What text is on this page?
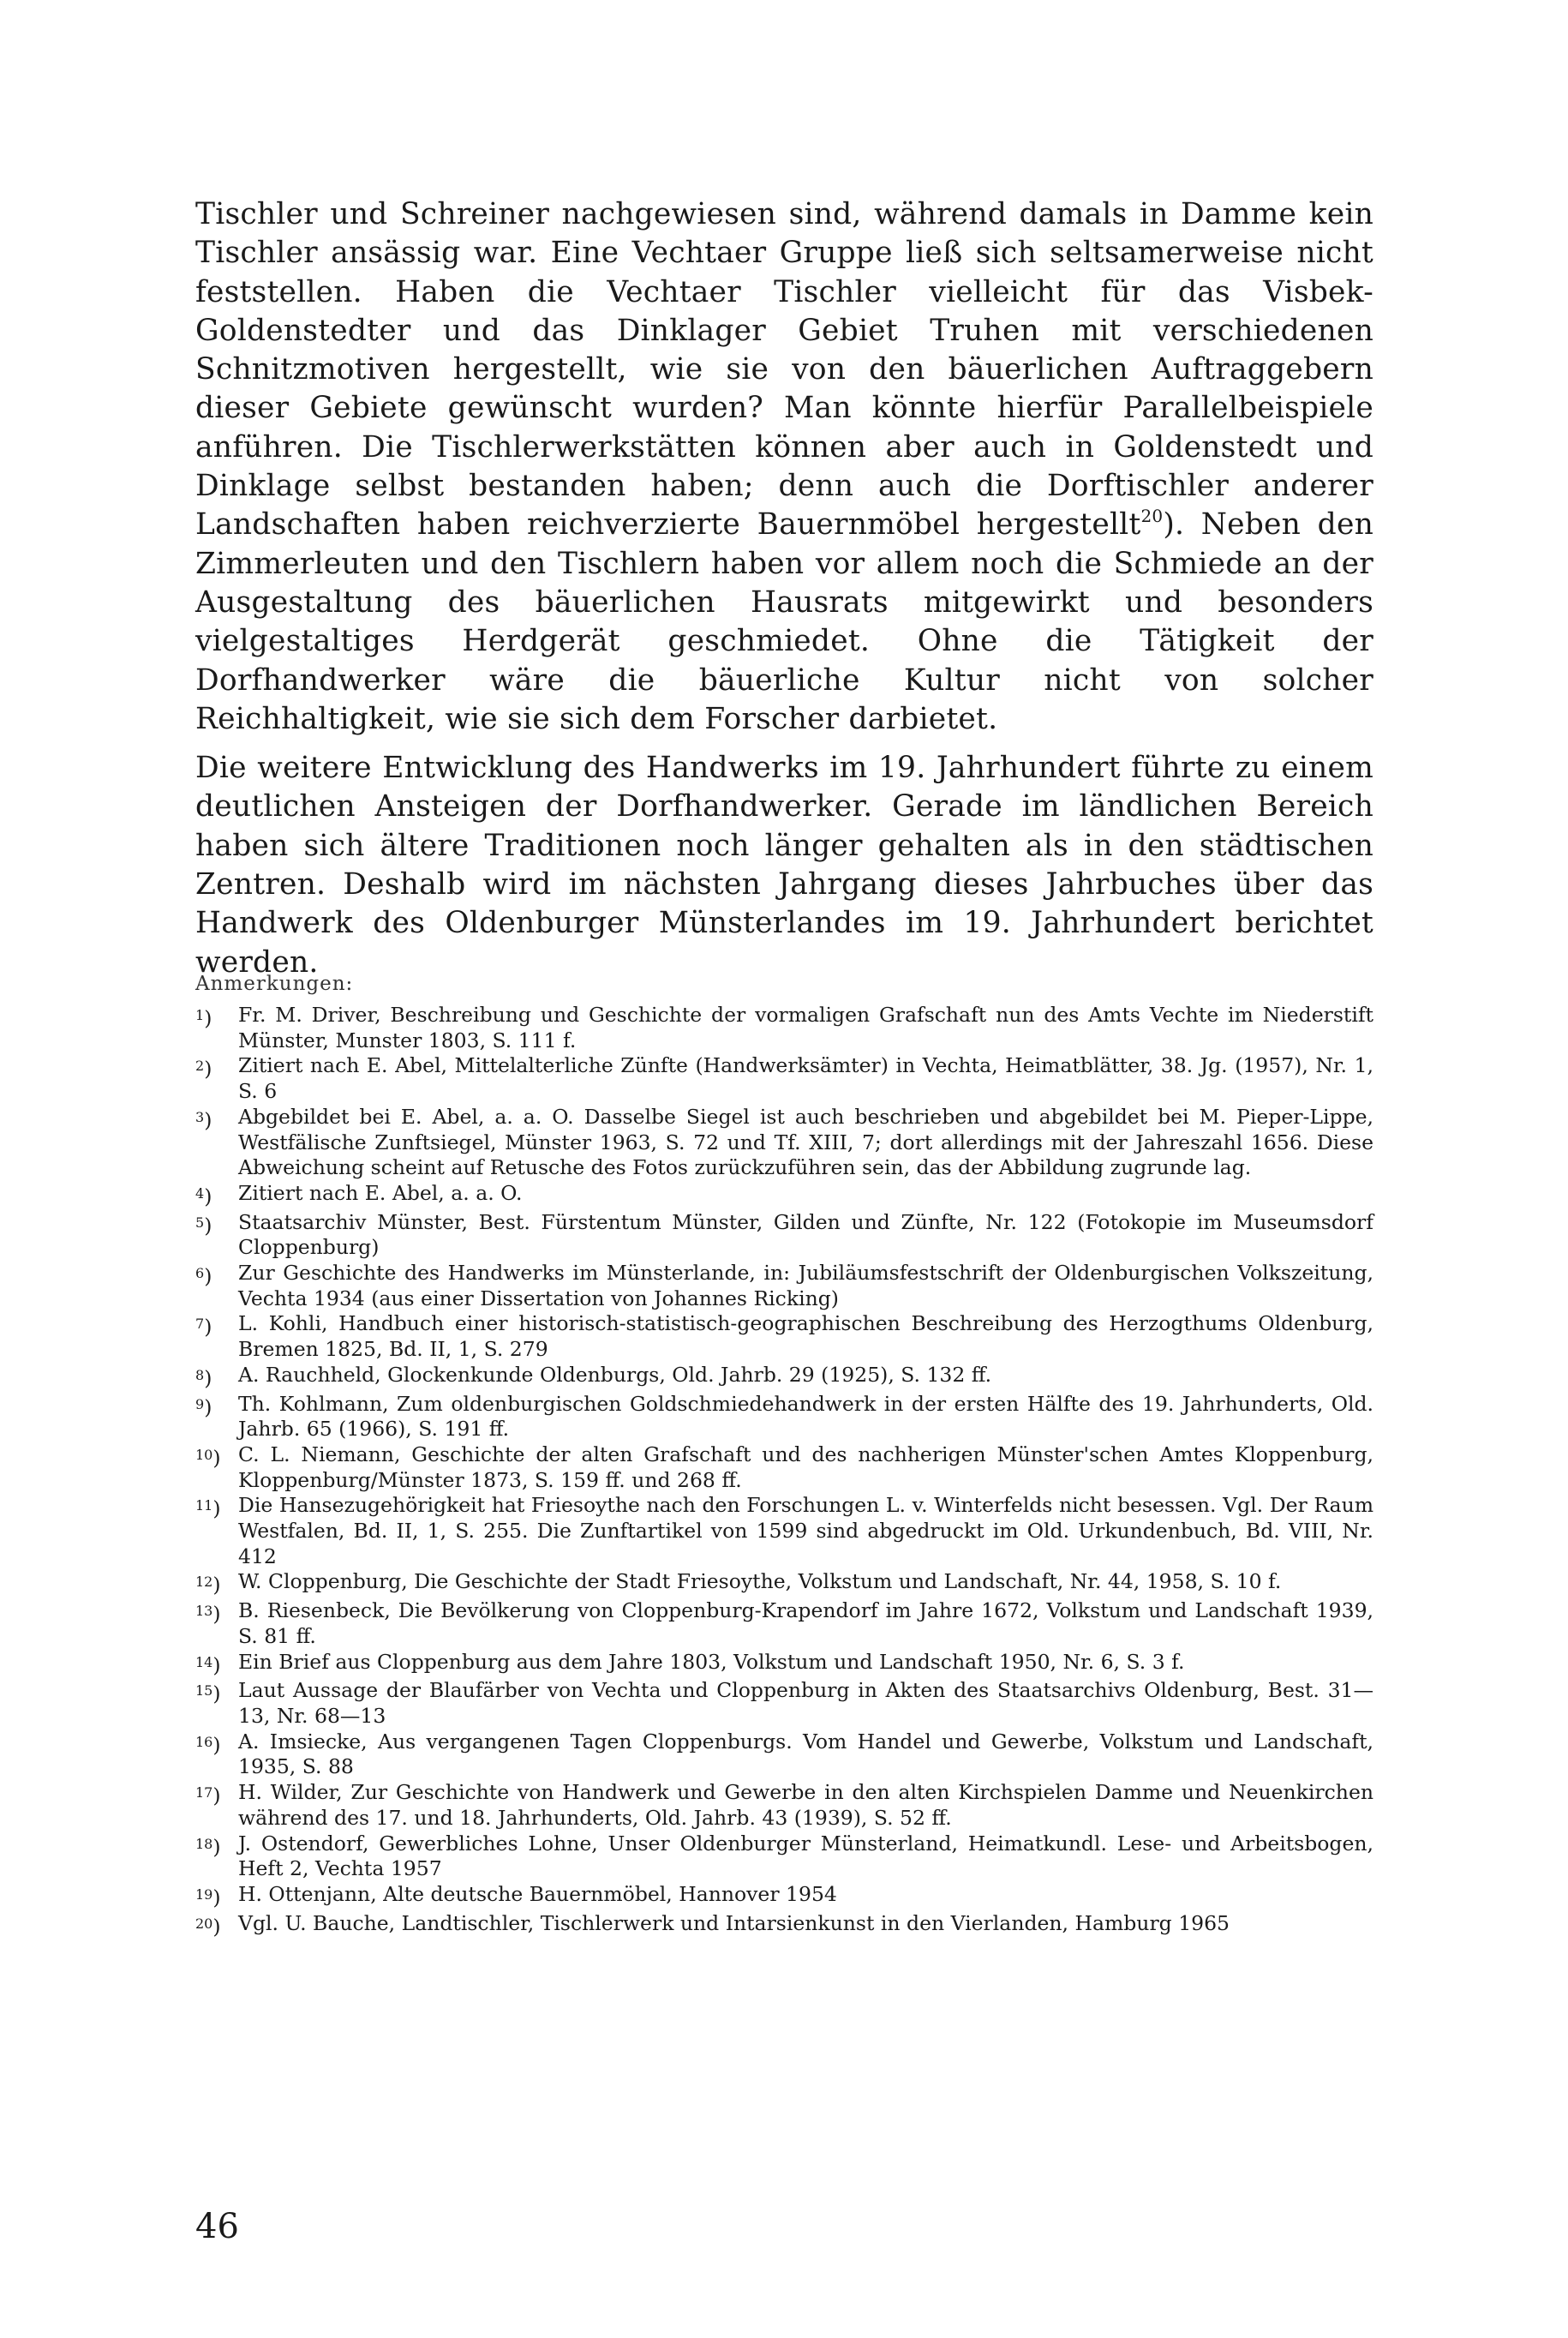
Tischler und Schreiner nachgewiesen sind, während damals in Damme kein Tischler ansässig war. Eine Vechtaer Gruppe ließ sich seltsamerweise nicht feststellen. Haben die Vechtaer Tischler vielleicht für das Visbek-Goldenstedter und das Dinklager Gebiet Truhen mit verschiedenen Schnitzmotiven hergestellt, wie sie von den bäuerlichen Auftraggebern dieser Gebiete gewünscht wurden? Man könnte hierfür Parallelbeispiele anführen. Die Tischlerwerkstätten können aber auch in Goldenstedt und Dinklage selbst bestanden haben; denn auch die Dorftischler anderer Landschaften haben reichverzierte Bauernmöbel hergestellt$^{20}$). Neben den Zimmerleuten und den Tischlern haben vor allem noch die Schmiede an der Ausgestaltung des bäuerlichen Hausrats mitgewirkt und besonders vielgestaltiges Herdgerät geschmiedet. Ohne die Tätigkeit der Dorfhandwerker wäre die bäuerliche Kultur nicht von solcher Reichhaltigkeit, wie sie sich dem Forscher darbietet.

Die weitere Entwicklung des Handwerks im 19. Jahrhundert führte zu einem deutlichen Ansteigen der Dorfhandwerker. Gerade im ländlichen Bereich haben sich ältere Traditionen noch länger gehalten als in den städtischen Zentren. Deshalb wird im nächsten Jahrgang dieses Jahrbuches über das Handwerk des Oldenburger Münsterlandes im 19. Jahrhundert berichtet werden.

Anmerkungen:
$^1$)	Fr. M. Driver, Beschreibung und Geschichte der vormaligen Grafschaft nun des Amts Vechte im Niederstift Münster, Munster 1803, S. 111 f.
$^2$)	Zitiert nach E. Abel, Mittelalterliche Zünfte (Handwerksämter) in Vechta, Heimatblätter, 38. Jg. (1957), Nr. 1, S. 6
$^3$)	Abgebildet bei E. Abel, a. a. O. Dasselbe Siegel ist auch beschrieben und abgebildet bei M. Pieper-Lippe, Westfälische Zunftsiegel, Münster 1963, S. 72 und Tf. XIII, 7; dort allerdings mit der Jahreszahl 1656. Diese Abweichung scheint auf Retusche des Fotos zurückzuführen sein, das der Abbildung zugrunde lag.
$^4$)	Zitiert nach E. Abel, a. a. O.
$^5$)	Staatsarchiv Münster, Best. Fürstentum Münster, Gilden und Zünfte, Nr. 122 (Fotokopie im Museumsdorf Cloppenburg)
$^6$)	Zur Geschichte des Handwerks im Münsterlande, in: Jubiläumsfestschrift der Oldenburgischen Volkszeitung, Vechta 1934 (aus einer Dissertation von Johannes Ricking)
$^7$)	L. Kohli, Handbuch einer historisch-statistisch-geographischen Beschreibung des Herzogthums Oldenburg, Bremen 1825, Bd. II, 1, S. 279
$^8$)	A. Rauchheld, Glockenkunde Oldenburgs, Old. Jahrb. 29 (1925), S. 132 ff.
$^9$)	Th. Kohlmann, Zum oldenburgischen Goldschmiedehandwerk in der ersten Hälfte des 19. Jahrhunderts, Old. Jahrb. 65 (1966), S. 191 ff.
$^{10}$) C. L. Niemann, Geschichte der alten Grafschaft und des nachherigen Münster'schen Amtes Kloppenburg, Kloppenburg/Münster 1873, S. 159 ff. und 268 ff.
$^{11}$) Die Hansezugehörigkeit hat Friesoythe nach den Forschungen L. v. Winterfelds nicht besessen. Vgl. Der Raum Westfalen, Bd. II, 1, S. 255. Die Zunftartikel von 1599 sind abgedruckt im Old. Urkundenbuch, Bd. VIII, Nr. 412
$^{12}$) W. Cloppenburg, Die Geschichte der Stadt Friesoythe, Volkstum und Landschaft, Nr. 44, 1958, S. 10 f.
$^{13}$) B. Riesenbeck, Die Bevölkerung von Cloppenburg-Krapendorf im Jahre 1672, Volkstum und Landschaft 1939, S. 81 ff.
$^{14}$) Ein Brief aus Cloppenburg aus dem Jahre 1803, Volkstum und Landschaft 1950, Nr. 6, S. 3 f.
$^{15}$) Laut Aussage der Blaufärber von Vechta und Cloppenburg in Akten des Staatsarchivs Oldenburg, Best. 31—13, Nr. 68—13
$^{16}$) A. Imsiecke, Aus vergangenen Tagen Cloppenburgs. Vom Handel und Gewerbe, Volkstum und Landschaft, 1935, S. 88
$^{17}$) H. Wilder, Zur Geschichte von Handwerk und Gewerbe in den alten Kirchspielen Damme und Neuenkirchen während des 17. und 18. Jahrhunderts, Old. Jahrb. 43 (1939), S. 52 ff.
$^{18}$) J. Ostendorf, Gewerbliches Lohne, Unser Oldenburger Münsterland, Heimatkundl. Lese- und Arbeitsbogen, Heft 2, Vechta 1957
$^{19}$) H. Ottenjann, Alte deutsche Bauernmöbel, Hannover 1954
$^{20}$) Vgl. U. Bauche, Landtischler, Tischlerwerk und Intarsienkunst in den Vierlanden, Hamburg 1965
46
